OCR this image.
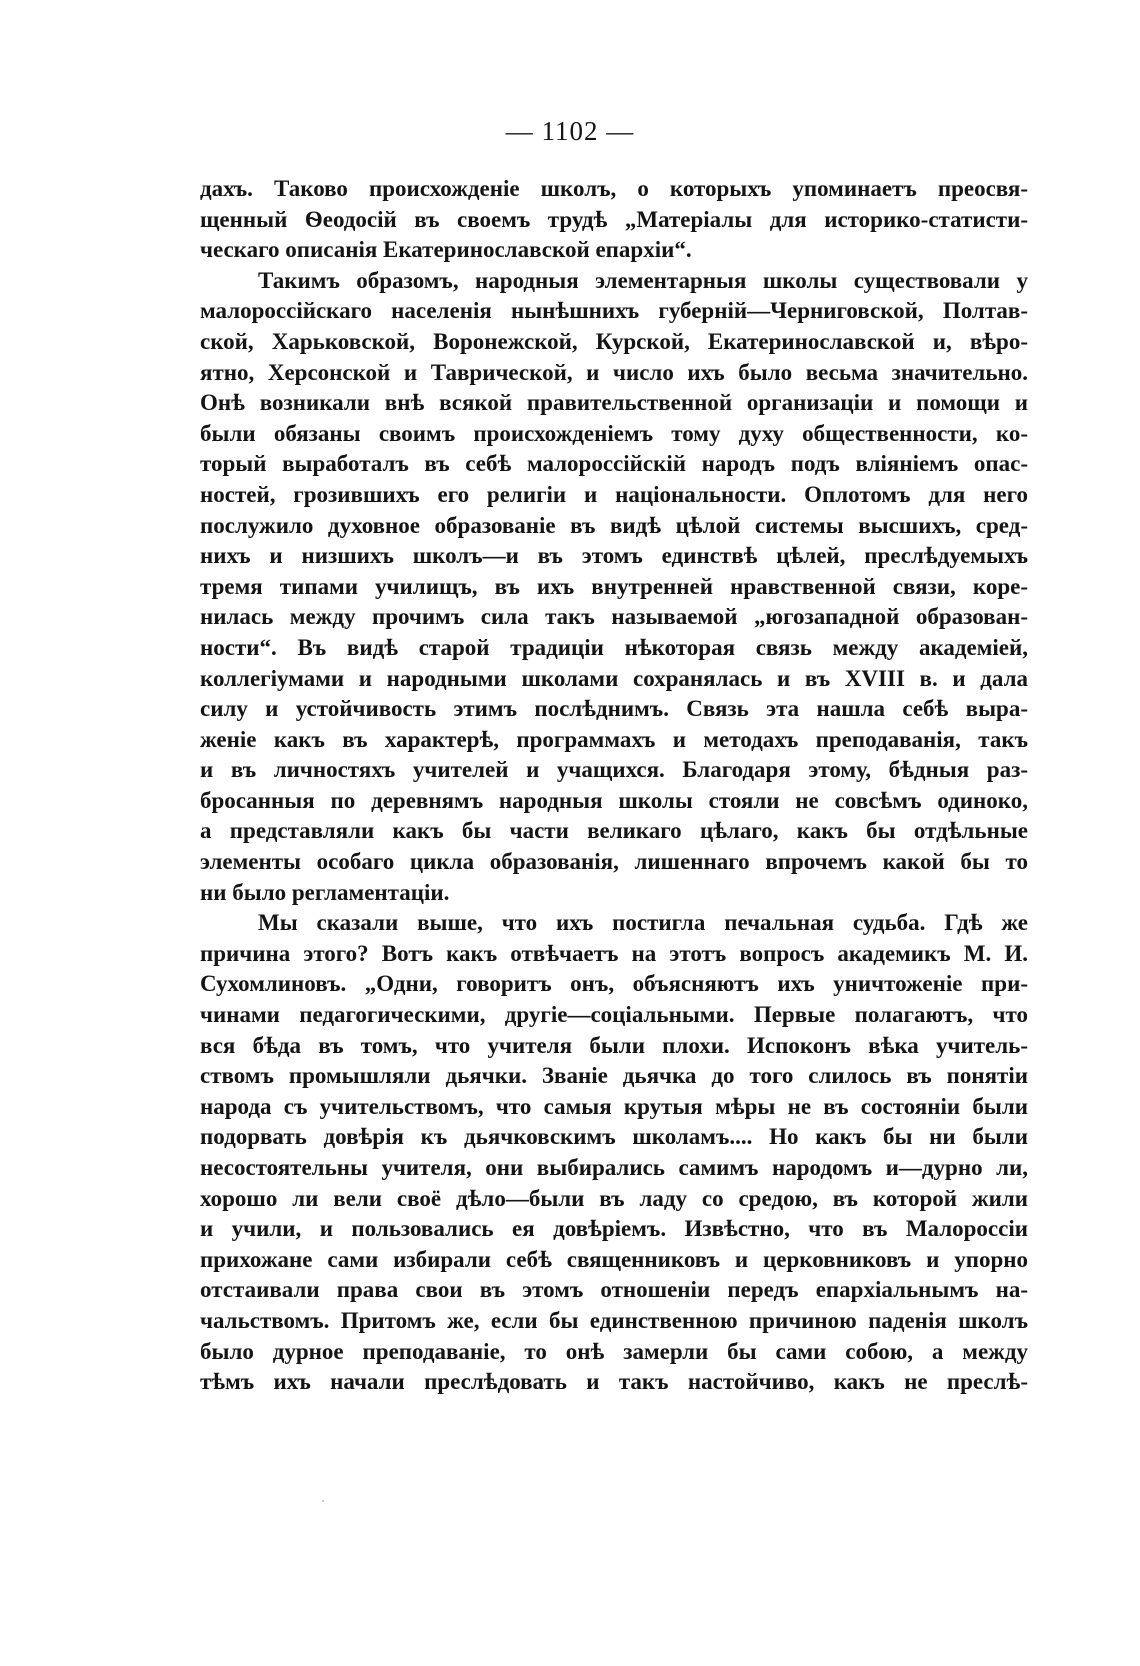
— 1102 —
дахъ. Таково происхожденіе школъ, о которыхъ упоминаетъ преосвя-
щенный Ѳеодосій въ своемъ трудѣ „Матеріалы для историко-статисти-
ческаго описанія Екатеринославской епархіи“.
Такимъ образомъ, народныя элементарныя школы существовали у
малороссійскаго населенія нынѣшнихъ губерній—Черниговской, Полтав-
ской, Харьковской, Воронежской, Курской, Екатеринославской и, вѣро-
ятно, Херсонской и Таврической, и число ихъ было весьма значительно.
Онѣ возникали внѣ всякой правительственной организаціи и помощи и
были обязаны своимъ происхожденіемъ тому духу общественности, ко-
торый выработалъ въ себѣ малороссійскій народъ подъ вліяніемъ опас-
ностей, грозившихъ его религіи и національности. Оплотомъ для него
послужило духовное образованіе въ видѣ цѣлой системы высшихъ, сред-
нихъ и низшихъ школъ—и въ этомъ единствѣ цѣлей, преслѣдуемыхъ
тремя типами училищъ, въ ихъ внутренней нравственной связи, коре-
нилась между прочимъ сила такъ называемой „югозападной образован-
ности“. Въ видѣ старой традиціи нѣкоторая связь между академіей,
коллегіумами и народными школами сохранялась и въ XVIII в. и дала
силу и устойчивость этимъ послѣднимъ. Связь эта нашла себѣ выра-
женіе какъ въ характерѣ, программахъ и методахъ преподаванія, такъ
и въ личностяхъ учителей и учащихся. Благодаря этому, бѣдныя раз-
бросанныя по деревнямъ народныя школы стояли не совсѣмъ одиноко,
а представляли какъ бы части великаго цѣлаго, какъ бы отдѣльные
элементы особаго цикла образованія, лишеннаго впрочемъ какой бы то
ни было регламентаціи.
Мы сказали выше, что ихъ постигла печальная судьба. Гдѣ же
причина этого? Вотъ какъ отвѣчаетъ на этотъ вопросъ академикъ М. И.
Сухомлиновъ. „Одни, говоритъ онъ, объясняютъ ихъ уничтоженіе при-
чинами педагогическими, другіе—соціальными. Первые полагаютъ, что
вся бѣда въ томъ, что учителя были плохи. Испоконъ вѣка учитель-
ствомъ промышляли дьячки. Званіе дьячка до того слилось въ понятіи
народа съ учительствомъ, что самыя крутыя мѣры не въ состояніи были
подорвать довѣрія къ дьячковскимъ школамъ.... Но какъ бы ни были
несостоятельны учителя, они выбирались самимъ народомъ и—дурно ли,
хорошо ли вели своё дѣло—были въ ладу со средою, въ которой жили
и учили, и пользовались ея довѣріемъ. Извѣстно, что въ Малороссіи
прихожане сами избирали себѣ священниковъ и церковниковъ и упорно
отстаивали права свои въ этомъ отношеніи передъ епархіальнымъ на-
чальствомъ. Притомъ же, если бы единственною причиною паденія школъ
было дурное преподаваніе, то онѣ замерли бы сами собою, а между
тѣмъ ихъ начали преслѣдовать и такъ настойчиво, какъ не преслѣ-
